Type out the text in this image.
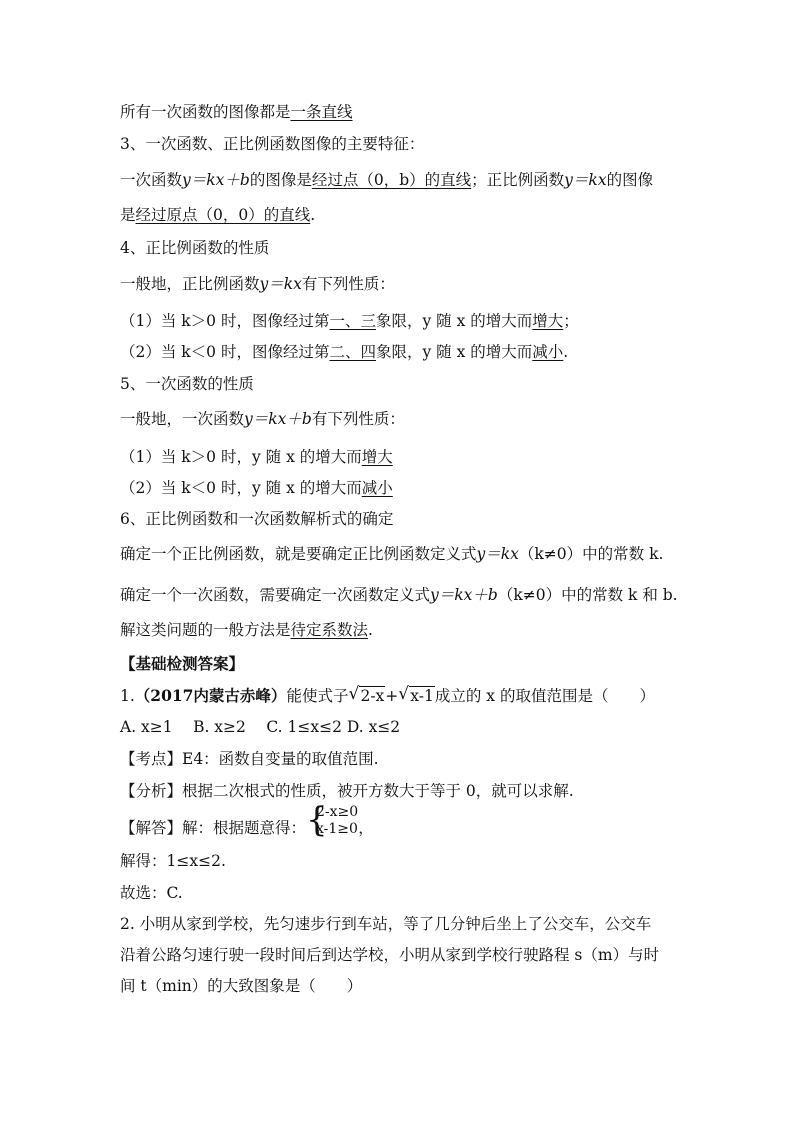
所有一次函数的图像都是一条直线
3、一次函数、正比例函数图像的主要特征：
一次函数y＝kx＋b的图像是经过点（0，b）的直线；正比例函数y＝kx的图像
是经过原点（0，0）的直线.
4、正比例函数的性质
一般地，正比例函数y＝kx有下列性质：
（1）当 k＞0 时，图像经过第一、三象限，y 随 x 的增大而增大；
（2）当 k＜0 时，图像经过第二、四象限，y 随 x 的增大而减小.
5、一次函数的性质
一般地，一次函数y＝kx＋b有下列性质：
（1）当 k＞0 时，y 随 x 的增大而增大
（2）当 k＜0 时，y 随 x 的增大而减小
6、正比例函数和一次函数解析式的确定
确定一个正比例函数，就是要确定正比例函数定义式y＝kx（k≠0）中的常数 k.
确定一个一次函数，需要确定一次函数定义式y＝kx＋b（k≠0）中的常数 k 和 b.
解这类问题的一般方法是待定系数法.
【基础检测答案】
1.（2017内蒙古赤峰）能使式子 √ 2-x+ √ x-1成立的 x 的取值范围是（　　）
A. x≥1　 B. x≥2　 C. 1≤x≤2 D. x≤2
【考点】E4：函数自变量的取值范围.
【分析】根据二次根式的性质，被开方数大于等于 0，就可以求解.
【解答】解：根据题意得： {
2-x≥0
x-1≥0 ，
解得：1≤x≤2.
故选：C.
2. 小明从家到学校，先匀速步行到车站，等了几分钟后坐上了公交车，公交车
沿着公路匀速行驶一段时间后到达学校，小明从家到学校行驶路程 s（m）与时
间 t（min）的大致图象是（　　）
